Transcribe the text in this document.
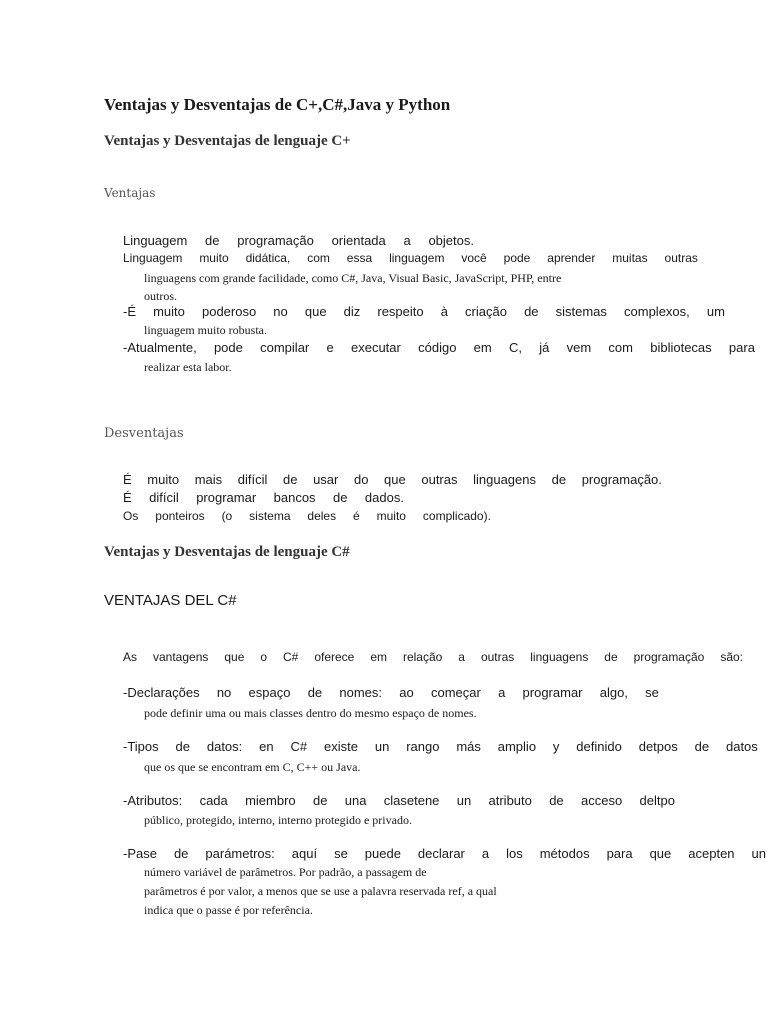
Ventajas y Desventajas de C+,C#,Java y Python
Ventajas y Desventajas de lenguaje C+
Ventajas
Linguagem de programação orientada a objetos.
Linguagem muito didática, com essa linguagem você pode aprender muitas outras
linguagens com grande facilidade, como C#, Java, Visual Basic, JavaScript, PHP, entre
outros.
-É muito poderoso no que diz respeito à criação de sistemas complexos, um
linguagem muito robusta.
-Atualmente, pode compilar e executar código em C, já vem com bibliotecas para
realizar esta labor.
Desventajas
É muito mais difícil de usar do que outras linguagens de programação.
É difícil programar bancos de dados.
Os ponteiros (o sistema deles é muito complicado).
Ventajas y Desventajas de lenguaje C#
VENTAJAS DEL C#
As vantagens que o C# oferece em relação a outras linguagens de programação são:
-Declarações no espaço de nomes: ao começar a programar algo, se
pode definir uma ou mais classes dentro do mesmo espaço de nomes.
-Tipos de datos: en C# existe un rango más amplio y definido detpos de datos
que os que se encontram em C, C++ ou Java.
-Atributos: cada miembro de una clasetene un atributo de acceso deltpo
público, protegido, interno, interno protegido e privado.
-Pase de parámetros: aquí se puede declarar a los métodos para que acepten un
número variável de parâmetros. Por padrão, a passagem de
parâmetros é por valor, a menos que se use a palavra reservada ref, a qual
indica que o passe é por referência.
